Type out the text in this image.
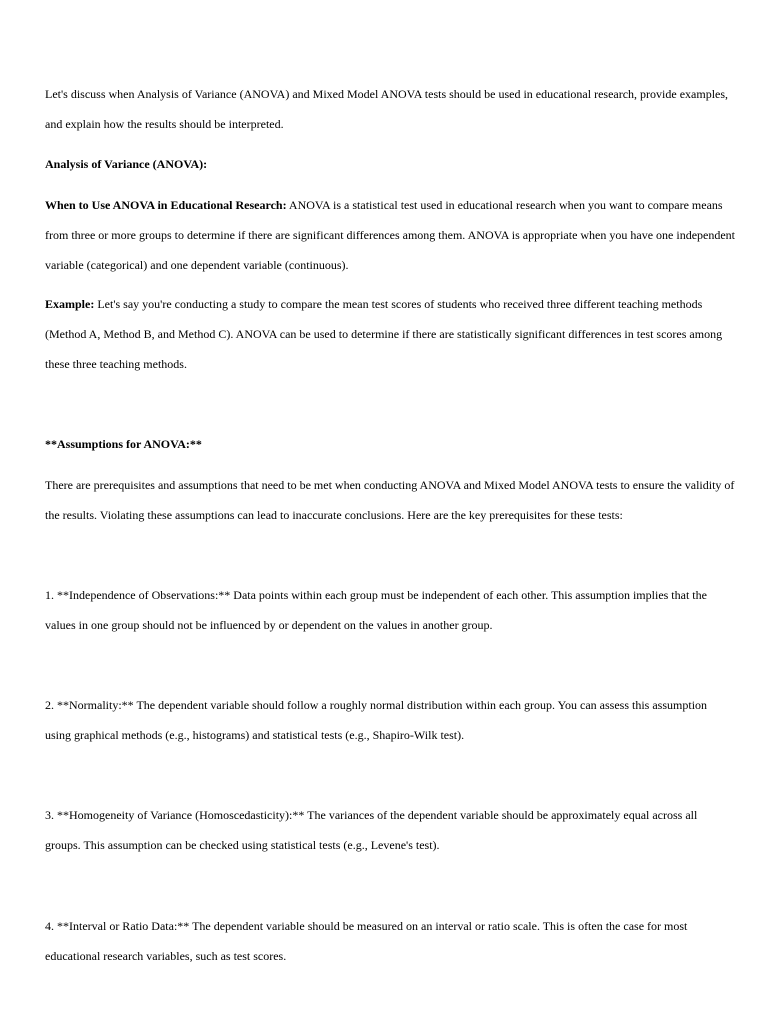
Let's discuss when Analysis of Variance (ANOVA) and Mixed Model ANOVA tests should be used in educational research, provide examples, and explain how the results should be interpreted.

Analysis of Variance (ANOVA):

When to Use ANOVA in Educational Research: ANOVA is a statistical test used in educational research when you want to compare means from three or more groups to determine if there are significant differences among them. ANOVA is appropriate when you have one independent variable (categorical) and one dependent variable (continuous).

Example: Let's say you're conducting a study to compare the mean test scores of students who received three different teaching methods (Method A, Method B, and Method C). ANOVA can be used to determine if there are statistically significant differences in test scores among these three teaching methods.

**Assumptions for ANOVA:**

There are prerequisites and assumptions that need to be met when conducting ANOVA and Mixed Model ANOVA tests to ensure the validity of the results. Violating these assumptions can lead to inaccurate conclusions. Here are the key prerequisites for these tests:

1. **Independence of Observations:** Data points within each group must be independent of each other. This assumption implies that the values in one group should not be influenced by or dependent on the values in another group.

2. **Normality:** The dependent variable should follow a roughly normal distribution within each group. You can assess this assumption using graphical methods (e.g., histograms) and statistical tests (e.g., Shapiro-Wilk test).

3. **Homogeneity of Variance (Homoscedasticity):** The variances of the dependent variable should be approximately equal across all groups. This assumption can be checked using statistical tests (e.g., Levene's test).

4. **Interval or Ratio Data:** The dependent variable should be measured on an interval or ratio scale. This is often the case for most educational research variables, such as test scores.
